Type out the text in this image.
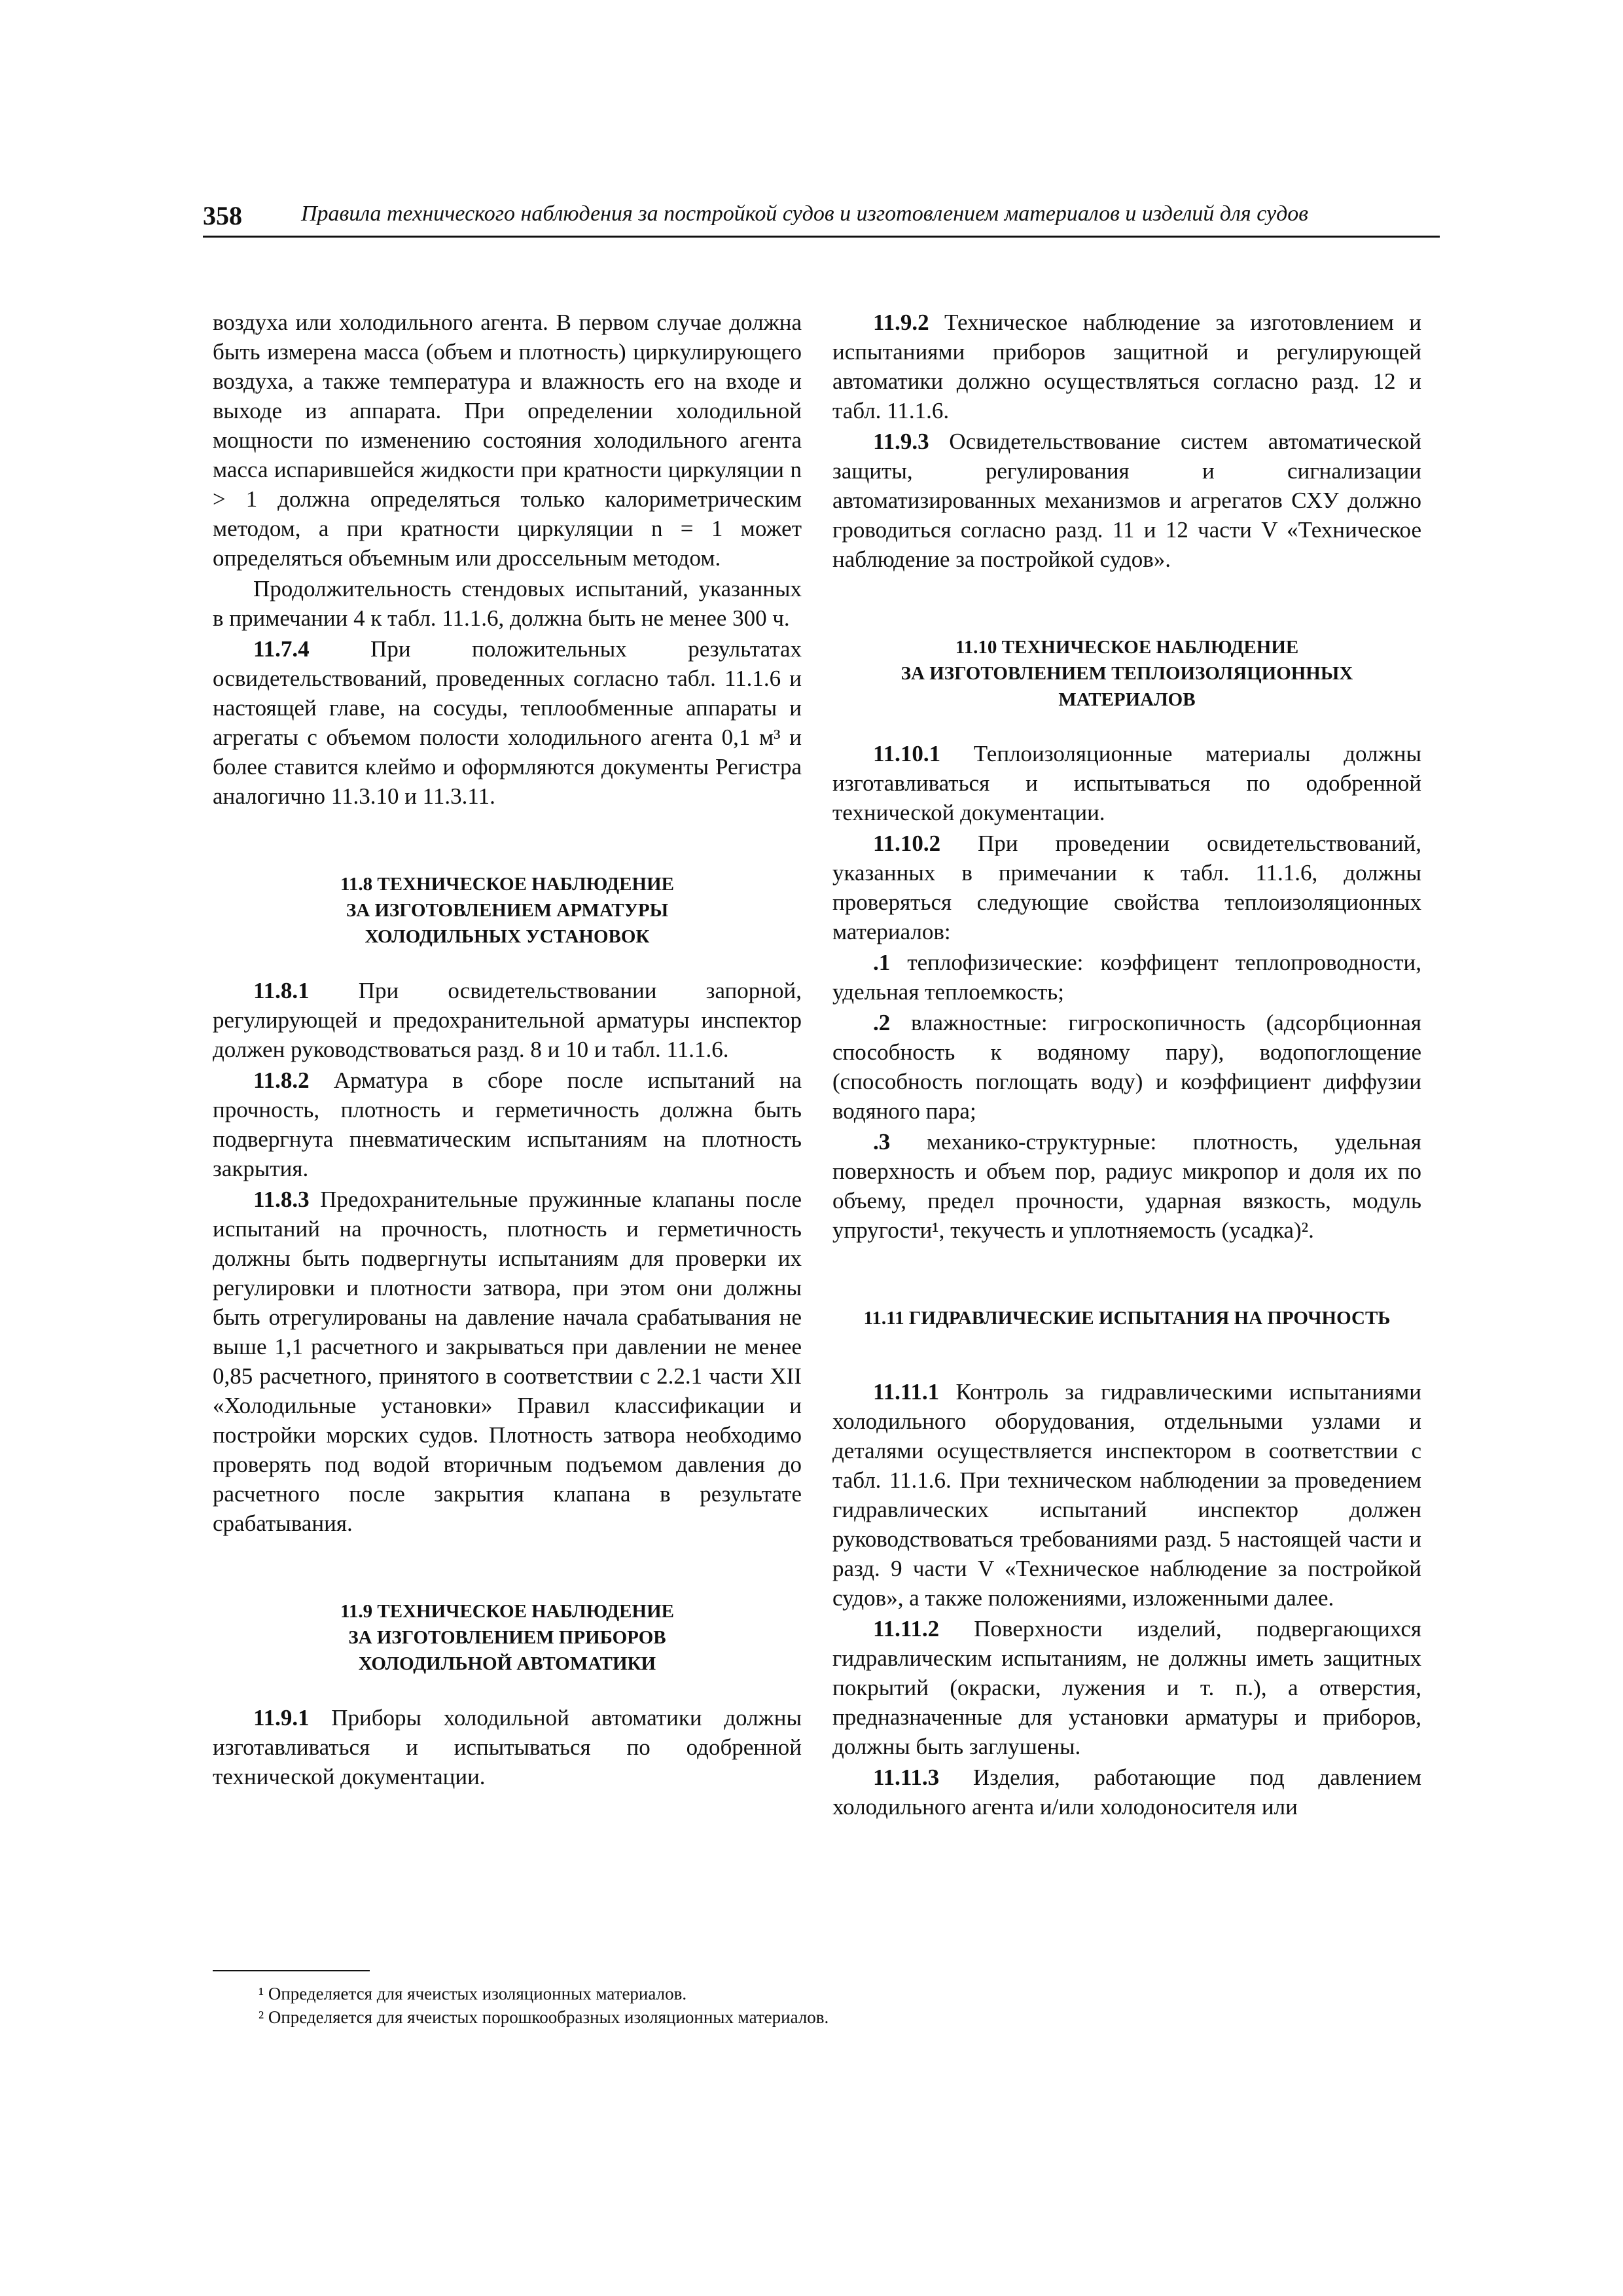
358	Правила технического наблюдения за постройкой судов и изготовлением материалов и изделий для судов

воздуха или холодильного агента. В первом случае должна быть измерена масса (объем и плотность) циркулирующего воздуха, а также температура и влажность его на входе и выходе из аппарата. При определении холодильной мощности по изменению состояния холодильного агента масса испарившейся жидкости при кратности циркуляции n > 1 должна определяться только калориметрическим методом, а при кратности циркуляции n = 1 может определяться объемным или дроссельным методом.

Продолжительность стендовых испытаний, указанных в примечании 4 к табл. 11.1.6, должна быть не менее 300 ч.

11.7.4 При положительных результатах освидетельствований, проведенных согласно табл. 11.1.6 и настоящей главе, на сосуды, теплообменные аппараты и агрегаты с объемом полости холодильного агента 0,1 м³ и более ставится клеймо и оформляются документы Регистра аналогично 11.3.10 и 11.3.11.

11.8 ТЕХНИЧЕСКОЕ НАБЛЮДЕНИЕ
ЗА ИЗГОТОВЛЕНИЕМ АРМАТУРЫ
ХОЛОДИЛЬНЫХ УСТАНОВОК

11.8.1 При освидетельствовании запорной, регулирующей и предохранительной арматуры инспектор должен руководствоваться разд. 8 и 10 и табл. 11.1.6.

11.8.2 Арматура в сборе после испытаний на прочность, плотность и герметичность должна быть подвергнута пневматическим испытаниям на плотность закрытия.

11.8.3 Предохранительные пружинные клапаны после испытаний на прочность, плотность и герметичность должны быть подвергнуты испытаниям для проверки их регулировки и плотности затвора, при этом они должны быть отрегулированы на давление начала срабатывания не выше 1,1 расчетного и закрываться при давлении не менее 0,85 расчетного, принятого в соответствии с 2.2.1 части XII «Холодильные установки» Правил классификации и постройки морских судов. Плотность затвора необходимо проверять под водой вторичным подъемом давления до расчетного после закрытия клапана в результате срабатывания.

11.9 ТЕХНИЧЕСКОЕ НАБЛЮДЕНИЕ
ЗА ИЗГОТОВЛЕНИЕМ ПРИБОРОВ
ХОЛОДИЛЬНОЙ АВТОМАТИКИ

11.9.1 Приборы холодильной автоматики должны изготавливаться и испытываться по одобренной технической документации.

11.9.2 Техническое наблюдение за изготовлением и испытаниями приборов защитной и регулирующей автоматики должно осуществляться согласно разд. 12 и табл. 11.1.6.

11.9.3 Освидетельствование систем автоматической защиты, регулирования и сигнализации автоматизированных механизмов и агрегатов СХУ должно гроводиться согласно разд. 11 и 12 части V «Техническое наблюдение за постройкой судов».

11.10 ТЕХНИЧЕСКОЕ НАБЛЮДЕНИЕ
ЗА ИЗГОТОВЛЕНИЕМ ТЕПЛОИЗОЛЯЦИОННЫХ
МАТЕРИАЛОВ

11.10.1 Теплоизоляционные материалы должны изготавливаться и испытываться по одобренной технической документации.

11.10.2 При проведении освидетельствований, указанных в примечании к табл. 11.1.6, должны проверяться следующие свойства теплоизоляционных материалов:

.1 теплофизические: коэффицент теплопроводности, удельная теплоемкость;

.2 влажностные: гигроскопичность (адсорбционная способность к водяному пару), водопоглощение (способность поглощать воду) и коэффициент диффузии водяного пара;

.3 механико-структурные: плотность, удельная поверхность и объем пор, радиус микропор и доля их по объему, предел прочности, ударная вязкость, модуль упругости¹, текучесть и уплотняемость (усадка)².

11.11 ГИДРАВЛИЧЕСКИЕ ИСПЫТАНИЯ НА ПРОЧНОСТЬ

11.11.1 Контроль за гидравлическими испытаниями холодильного оборудования, отдельными узлами и деталями осуществляется инспектором в соответствии с табл. 11.1.6. При техническом наблюдении за проведением гидравлических испытаний инспектор должен руководствоваться требованиями разд. 5 настоящей части и разд. 9 части V «Техническое наблюдение за постройкой судов», а также положениями, изложенными далее.

11.11.2 Поверхности изделий, подвергающихся гидравлическим испытаниям, не должны иметь защитных покрытий (окраски, лужения и т. п.), а отверстия, предназначенные для установки арматуры и приборов, должны быть заглушены.

11.11.3 Изделия, работающие под давлением холодильного агента и/или холодоносителя или

¹ Определяется для ячеистых изоляционных материалов.
² Определяется для ячеистых порошкообразных изоляционных материалов.
